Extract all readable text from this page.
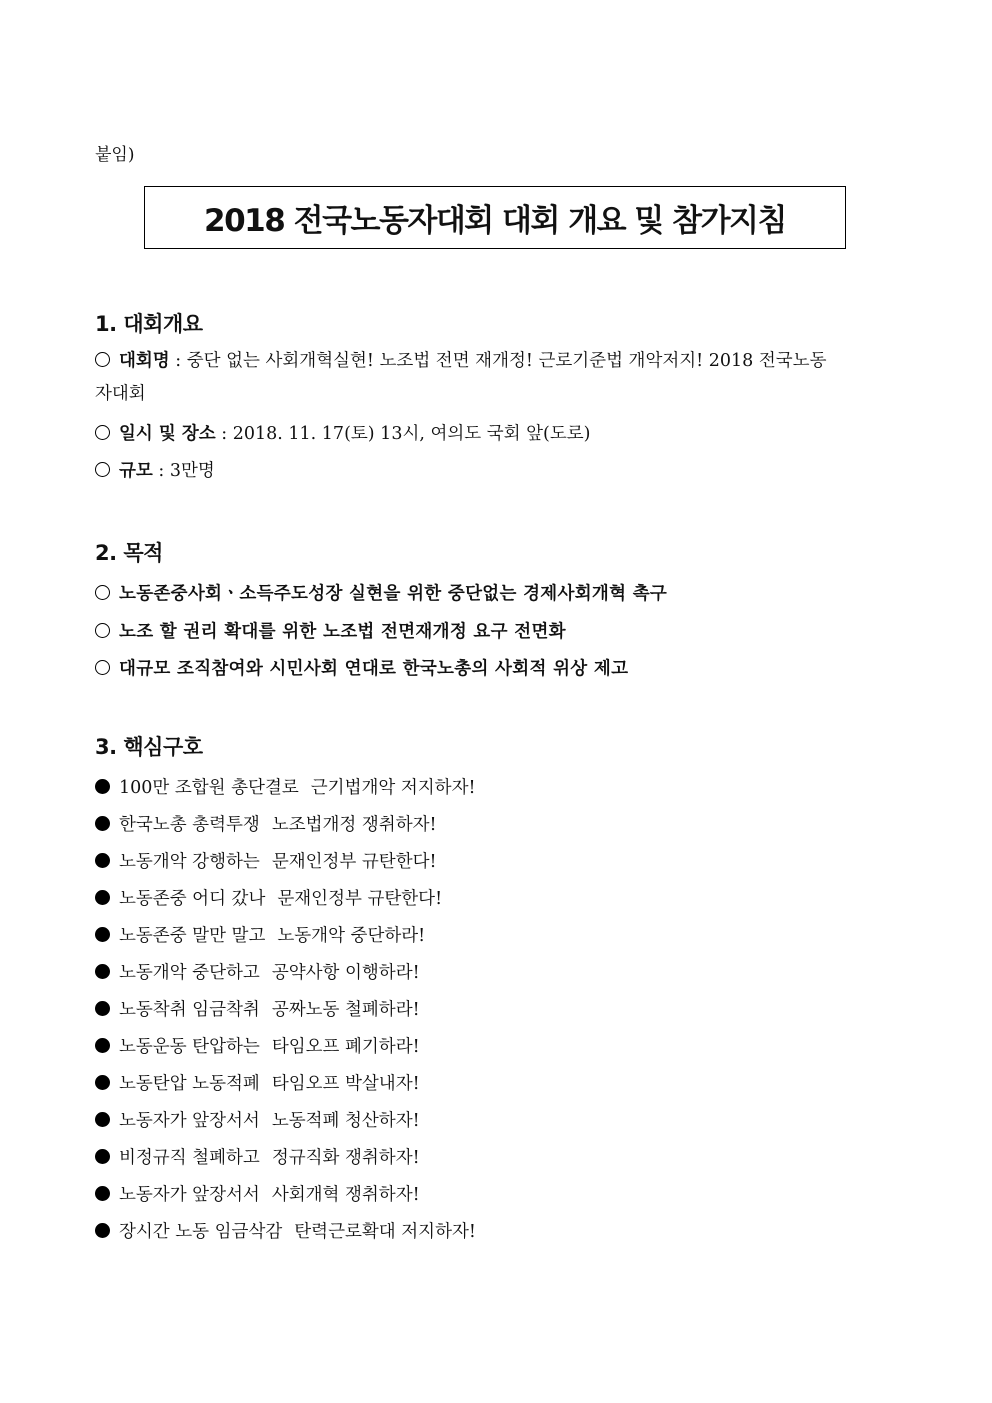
붙임)
2018 전국노동자대회 대회 개요 및 참가지침
1. 대회개요
대회명 : 중단 없는 사회개혁실현! 노조법 전면 재개정! 근로기준법 개악저지! 2018 전국노동
자대회
일시 및 장소 : 2018. 11. 17(토) 13시, 여의도 국회 앞(도로)
규모 : 3만명
2. 목적
노동존중사회ㆍ소득주도성장 실현을 위한 중단없는 경제사회개혁 촉구
노조 할 권리 확대를 위한 노조법 전면재개정 요구 전면화
대규모 조직참여와 시민사회 연대로 한국노총의 사회적 위상 제고
3. 핵심구호
100만 조합원 총단결로 근기법개악 저지하자!
한국노총 총력투쟁 노조법개정 쟁취하자!
노동개악 강행하는 문재인정부 규탄한다!
노동존중 어디 갔나 문재인정부 규탄한다!
노동존중 말만 말고 노동개악 중단하라!
노동개악 중단하고 공약사항 이행하라!
노동착취 임금착취 공짜노동 철폐하라!
노동운동 탄압하는 타임오프 폐기하라!
노동탄압 노동적폐 타임오프 박살내자!
노동자가 앞장서서 노동적폐 청산하자!
비정규직 철폐하고 정규직화 쟁취하자!
노동자가 앞장서서 사회개혁 쟁취하자!
장시간 노동 임금삭감 탄력근로확대 저지하자!
